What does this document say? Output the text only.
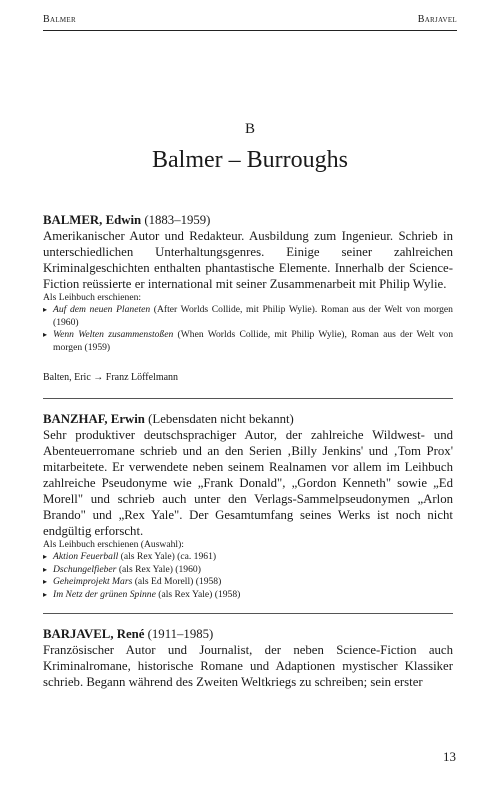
Balmer	Barjavel
B
Balmer – Burroughs

BALMER, Edwin (1883–1959)

Amerikanischer Autor und Redakteur. Ausbildung zum Ingenieur. Schrieb in unterschiedlichen Unterhaltungsgenres. Einige seiner zahlreichen Kriminalgeschichten enthalten phantastische Elemente. Innerhalb der Science-Fiction reüssierte er international mit seiner Zusammenarbeit mit Philip Wylie.

Als Leihbuch erschienen:

▸ Auf dem neuen Planeten (After Worlds Collide, mit Philip Wylie). Roman aus der Welt von morgen (1960)
▸ Wenn Welten zusammenstoßen (When Worlds Collide, mit Philip Wylie), Roman aus der Welt von morgen (1959)

Balten, Eric → Franz Löffelmann

BANZHAF, Erwin (Lebensdaten nicht bekannt)

Sehr produktiver deutschsprachiger Autor, der zahlreiche Wildwest- und Abenteuerromane schrieb und an den Serien ‚Billy Jenkins' und ‚Tom Prox' mitarbeitete. Er verwendete neben seinem Realnamen vor allem im Leihbuch zahlreiche Pseudonyme wie „Frank Donald", „Gordon Kenneth" sowie „Ed Morell" und schrieb auch unter den Verlags-Sammelpseudonymen „Arlon Brando" und „Rex Yale". Der Gesamtumfang seines Werks ist noch nicht endgültig erforscht.

Als Leihbuch erschienen (Auswahl):

▸ Aktion Feuerball (als Rex Yale) (ca. 1961)
▸ Dschungelfieber (als Rex Yale) (1960)
▸ Geheimprojekt Mars (als Ed Morell) (1958)
▸ Im Netz der grünen Spinne (als Rex Yale) (1958)

BARJAVEL, René (1911–1985)

Französischer Autor und Journalist, der neben Science-Fiction auch Kriminalromane, historische Romane und Adaptionen mystischer Klassiker schrieb. Begann während des Zweiten Weltkriegs zu schreiben; sein erster

13
